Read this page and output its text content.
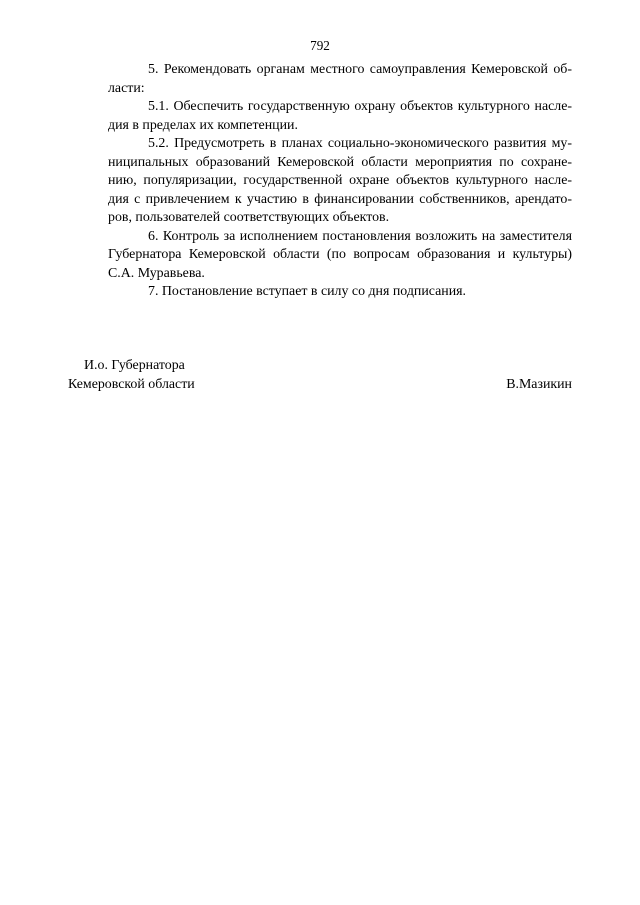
792
5. Рекомендовать органам местного самоуправления Кемеровской об-
ласти:
5.1. Обеспечить государственную охрану объектов культурного насле-
дия в пределах их компетенции.
5.2. Предусмотреть в планах социально-экономического развития му-
ниципальных образований Кемеровской области мероприятия по сохране-
нию, популяризации, государственной охране объектов культурного насле-
дия с привлечением к участию в финансировании собственников, арендато-
ров, пользователей соответствующих объектов.
6. Контроль за исполнением постановления возложить на заместителя
Губернатора Кемеровской области (по вопросам образования и культуры)
С.А. Муравьева.
7. Постановление вступает в силу со дня подписания.
И.о. Губернатора
Кемеровской области	В.Мазикин
